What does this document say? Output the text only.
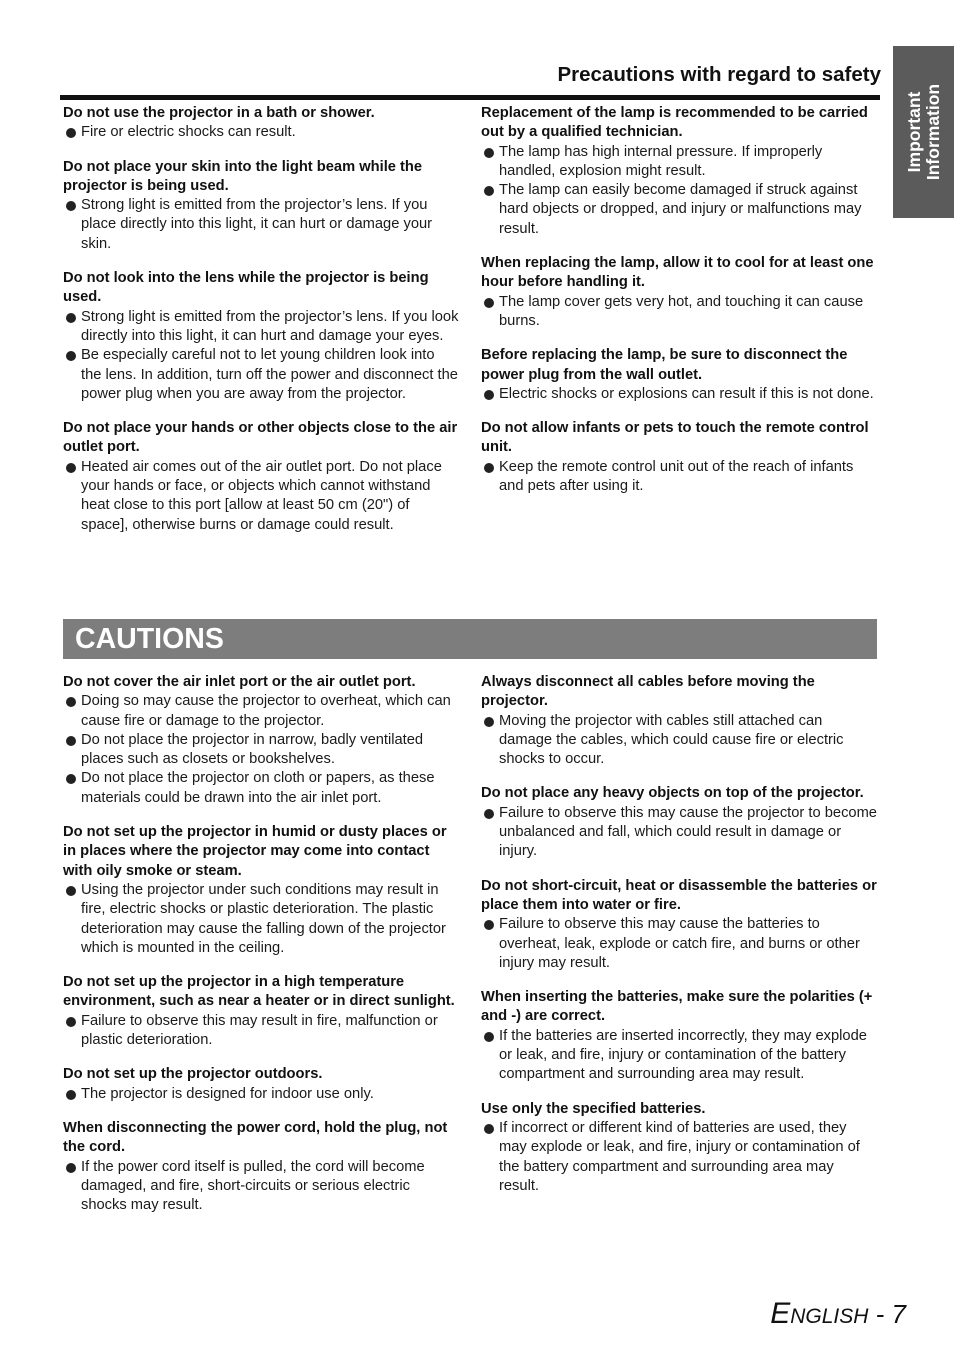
Precautions with regard to safety
Important Information
Do not use the projector in a bath or shower.
Fire or electric shocks can result.
Do not place your skin into the light beam while the projector is being used.
Strong light is emitted from the projector’s lens. If you place directly into this light, it can hurt or damage your skin.
Do not look into the lens while the projector is being used.
Strong light is emitted from the projector’s lens. If you look directly into this light, it can hurt and damage your eyes.
Be especially careful not to let young children look into the lens. In addition, turn off the power and disconnect the power plug when you are away from the projector.
Do not place your hands or other objects close to the air outlet port.
Heated air comes out of the air outlet port. Do not place your hands or face, or objects which cannot withstand heat close to this port [allow at least 50 cm (20") of space], otherwise burns or damage could result.
Replacement of the lamp is recommended to be carried out by a qualified technician.
The lamp has high internal pressure. If improperly handled, explosion might result.
The lamp can easily become damaged if struck against hard objects or dropped, and injury or malfunctions may result.
When replacing the lamp, allow it to cool for at least one hour before handling it.
The lamp cover gets very hot, and touching it can cause burns.
Before replacing the lamp, be sure to disconnect the power plug from the wall outlet.
Electric shocks or explosions can result if this is not done.
Do not allow infants or pets to touch the remote control unit.
Keep the remote control unit out of the reach of infants and pets after using it.
CAUTIONS
Do not cover the air inlet port or the air outlet port.
Doing so may cause the projector to overheat, which can cause fire or damage to the projector.
Do not place the projector in narrow, badly ventilated places such as closets or bookshelves.
Do not place the projector on cloth or papers, as these materials could be drawn into the air inlet port.
Do not set up the projector in humid or dusty places or in places where the projector may come into contact with oily smoke or steam.
Using the projector under such conditions may result in fire, electric shocks or plastic deterioration. The plastic deterioration may cause the falling down of the projector which is mounted in the ceiling.
Do not set up the projector in a high temperature environment, such as near a heater or in direct sunlight.
Failure to observe this may result in fire, malfunction or plastic deterioration.
Do not set up the projector outdoors.
The projector is designed for indoor use only.
When disconnecting the power cord, hold the plug, not the cord.
If the power cord itself is pulled, the cord will become damaged, and fire, short-circuits or serious electric shocks may result.
Always disconnect all cables before moving the projector.
Moving the projector with cables still attached can damage the cables, which could cause fire or electric shocks to occur.
Do not place any heavy objects on top of the projector.
Failure to observe this may cause the projector to become unbalanced and fall, which could result in damage or injury.
Do not short-circuit, heat or disassemble the batteries or place them into water or fire.
Failure to observe this may cause the batteries to overheat, leak, explode or catch fire, and burns or other injury may result.
When inserting the batteries, make sure the polarities (+ and -) are correct.
If the batteries are inserted incorrectly, they may explode or leak, and fire, injury or contamination of the battery compartment and surrounding area may result.
Use only the specified batteries.
If incorrect or different kind of batteries are used, they may explode or leak, and fire, injury or contamination of the battery compartment and surrounding area may result.
ENGLISH - 7
